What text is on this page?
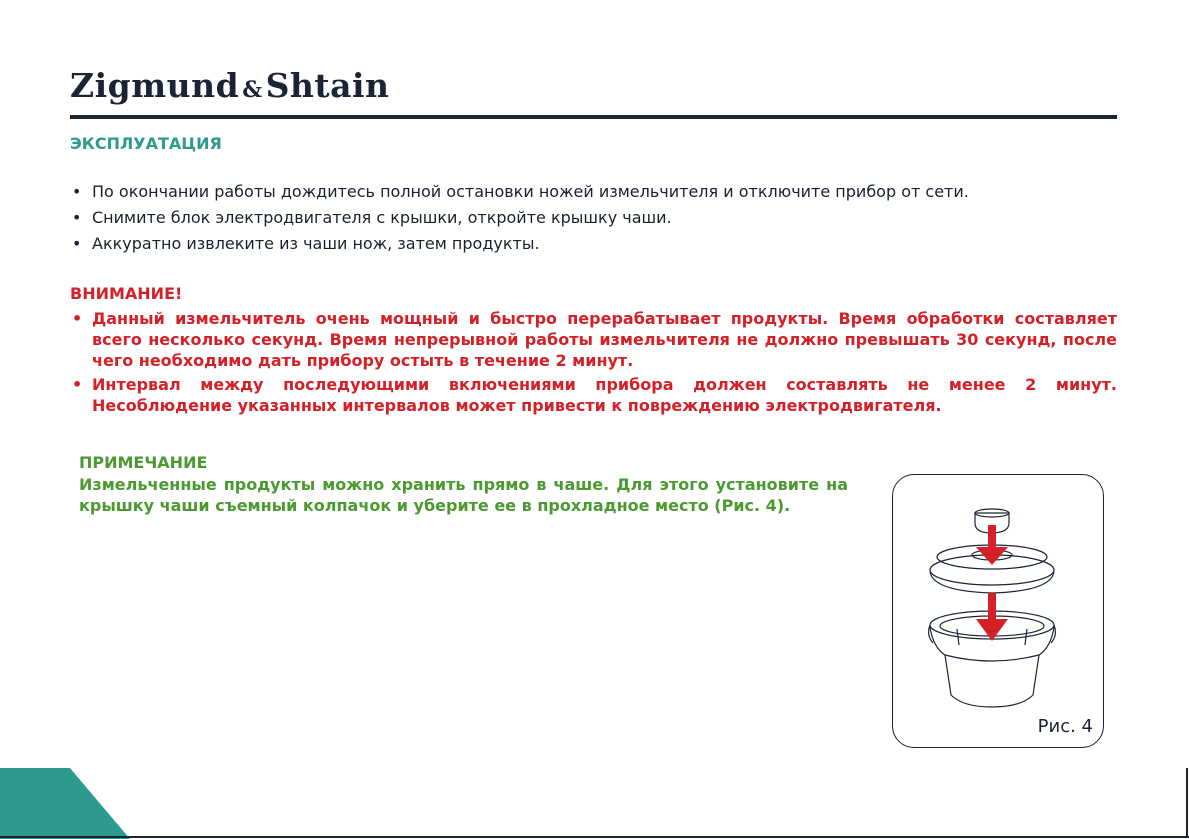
Zigmund &Shtain
ЭКСПЛУАТАЦИЯ
• По окончании работы дождитесь полной остановки ножей измельчителя и отключите прибор от сети.
• Снимите блок электродвигателя с крышки, откройте крышку чаши.
• Аккуратно извлеките из чаши нож, затем продукты.
ВНИМАНИЕ!
• Данный измельчитель очень мощный и быстро перерабатывает продукты. Время обработки составляет всего несколько секунд. Время непрерывной работы измельчителя не должно превышать 30 секунд, после чего необходимо дать прибору остыть в течение 2 минут.
• Интервал между последующими включениями прибора должен составлять не менее 2 минут. Несоблюдение указанных интервалов может привести к повреждению электродвигателя.
ПРИМЕЧАНИЕ
Измельченные продукты можно хранить прямо в чаше. Для этого установите на крышку чаши съемный колпачок и уберите ее в прохладное место (Рис. 4).
Рис. 4
